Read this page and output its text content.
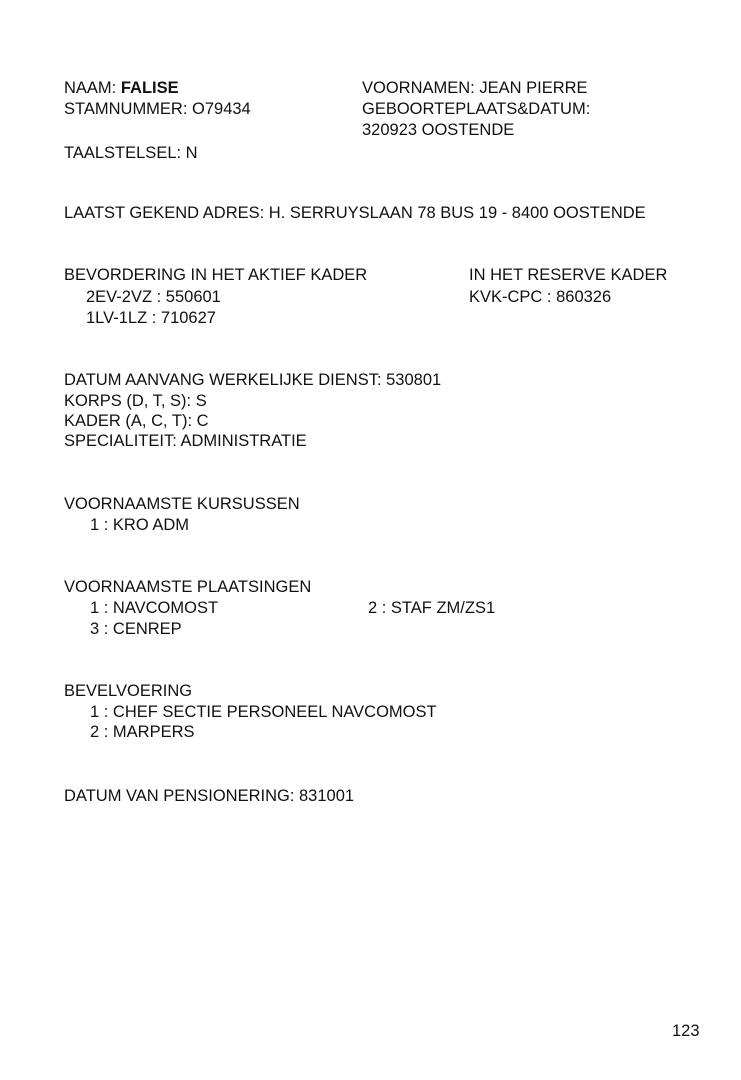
NAAM: FALISE
STAMNUMMER: O79434
TAALSTELSEL: N
VOORNAMEN: JEAN PIERRE
GEBOORTEPLAATS&DATUM:
320923 OOSTENDE
LAATST GEKEND ADRES: H. SERRUYSLAAN 78 BUS 19 - 8400 OOSTENDE
BEVORDERING IN HET AKTIEF KADER
2EV-2VZ : 550601
1LV-1LZ : 710627
IN HET RESERVE KADER
KVK-CPC : 860326
DATUM AANVANG WERKELIJKE DIENST: 530801
KORPS (D, T, S): S
KADER (A, C, T): C
SPECIALITEIT: ADMINISTRATIE
VOORNAAMSTE KURSUSSEN
1 : KRO ADM
VOORNAAMSTE PLAATSINGEN
1 : NAVCOMOST	2 : STAF ZM/ZS1
3 : CENREP
BEVELVOERING
1 : CHEF SECTIE PERSONEEL NAVCOMOST
2 : MARPERS
DATUM VAN PENSIONERING: 831001
123
